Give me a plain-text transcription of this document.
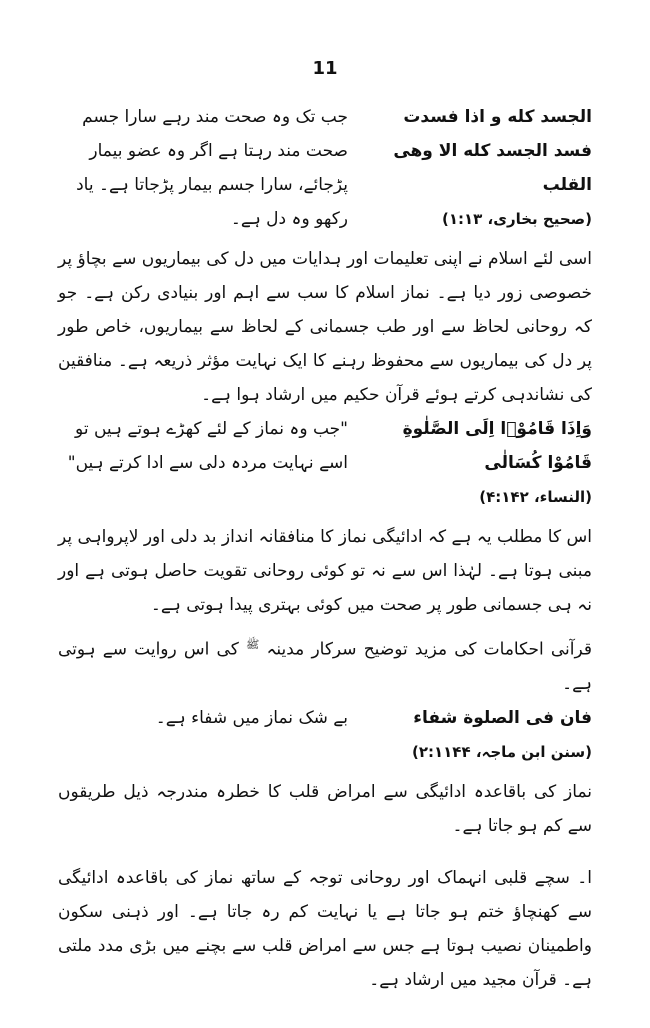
11
الجسد كله و اذا فسدت فسد الجسد كله الا وهی القلب
(صحیح بخاری، ۱:۱۳)
جب تک وہ صحت مند رہے سارا جسم صحت مند رہتا ہے اگر وہ عضو بیمار پڑجائے، سارا جسم بیمار پڑجاتا ہے۔ یاد رکھو وہ دل ہے۔

اسی لئے اسلام نے اپنی تعلیمات اور ہدایات میں دل کی بیماریوں سے بچاؤ پر خصوصی زور دیا ہے۔ نماز اسلام کا سب سے اہم اور بنیادی رکن ہے۔ جو کہ روحانی لحاظ سے اور طب جسمانی کے لحاظ سے بیماریوں، خاص طور پر دل کی بیماریوں سے محفوظ رہنے کا ایک نہایت مؤثر ذریعہ ہے۔ منافقین کی نشاندہی کرتے ہوئے قرآن حکیم میں ارشاد ہوا ہے۔

وَاِذَا قَامُوْۤا اِلَى الصَّلٰوةِ قَامُوْا كُسَالٰى
(النساء، ۴:۱۴۲)
"جب وہ نماز کے لئے کھڑے ہوتے ہیں تو اسے نہایت مردہ دلی سے ادا کرتے ہیں"

اس کا مطلب یہ ہے کہ ادائیگی نماز کا منافقانہ انداز بد دلی اور لاپرواہی پر مبنی ہوتا ہے۔ لہٰذا اس سے نہ تو کوئی روحانی تقویت حاصل ہوتی ہے اور نہ ہی جسمانی طور پر صحت میں کوئی بہتری پیدا ہوتی ہے۔

قرآنی احکامات کی مزید توضیح سرکار مدینہ $^ﷺ$ کی اس روایت سے ہوتی ہے۔

فان فی الصلوة شفاء
(سنن ابن ماجہ، ۲:۱۱۴۴)
بے شک نماز میں شفاء ہے۔

نماز کی باقاعدہ ادائیگی سے امراض قلب کا خطرہ مندرجہ ذیل طریقوں سے کم ہو جاتا ہے۔

ا۔ سچے قلبی انہماک اور روحانی توجہ کے ساتھ نماز کی باقاعدہ ادائیگی سے کھنچاؤ ختم ہو جاتا ہے یا نہایت کم رہ جاتا ہے۔ اور ذہنی سکون واطمینان نصیب ہوتا ہے جس سے امراض قلب سے بچنے میں بڑی مدد ملتی ہے۔ قرآن مجید میں ارشاد ہے۔
